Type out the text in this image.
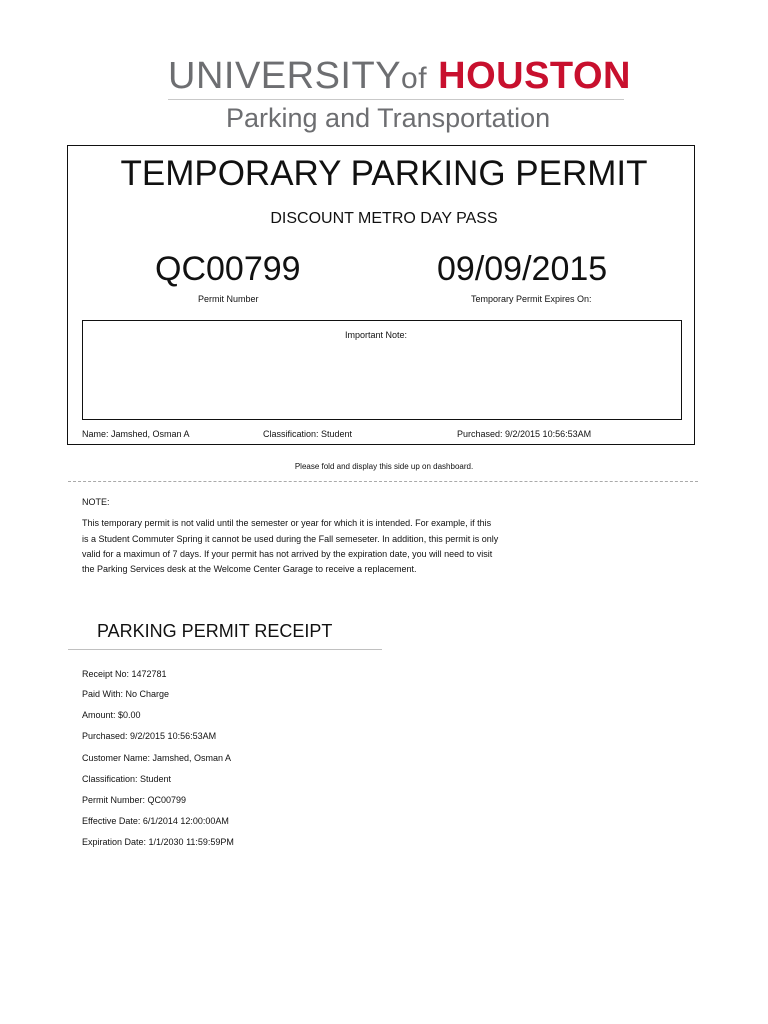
UNIVERSITYof HOUSTON
Parking and Transportation
TEMPORARY PARKING PERMIT
DISCOUNT METRO DAY PASS
QC00799	09/09/2015
Permit Number	Temporary Permit Expires On:
Important Note:
Name: Jamshed, Osman A	Classification: Student	Purchased: 9/2/2015 10:56:53AM
Please fold and display this side up on dashboard.
NOTE:
This temporary permit is not valid until the semester or year for which it is intended. For example, if this
is a Student Commuter Spring it cannot be used during the Fall semeseter. In addition, this permit is only
valid for a maximun of 7 days. If your permit has not arrived by the expiration date, you will need to visit
the Parking Services desk at the Welcome Center Garage to receive a replacement.
PARKING PERMIT RECEIPT
Receipt No: 1472781
Paid With: No Charge
Amount: $0.00
Purchased: 9/2/2015 10:56:53AM
Customer Name: Jamshed, Osman A
Classification: Student
Permit Number: QC00799
Effective Date: 6/1/2014 12:00:00AM
Expiration Date: 1/1/2030 11:59:59PM
